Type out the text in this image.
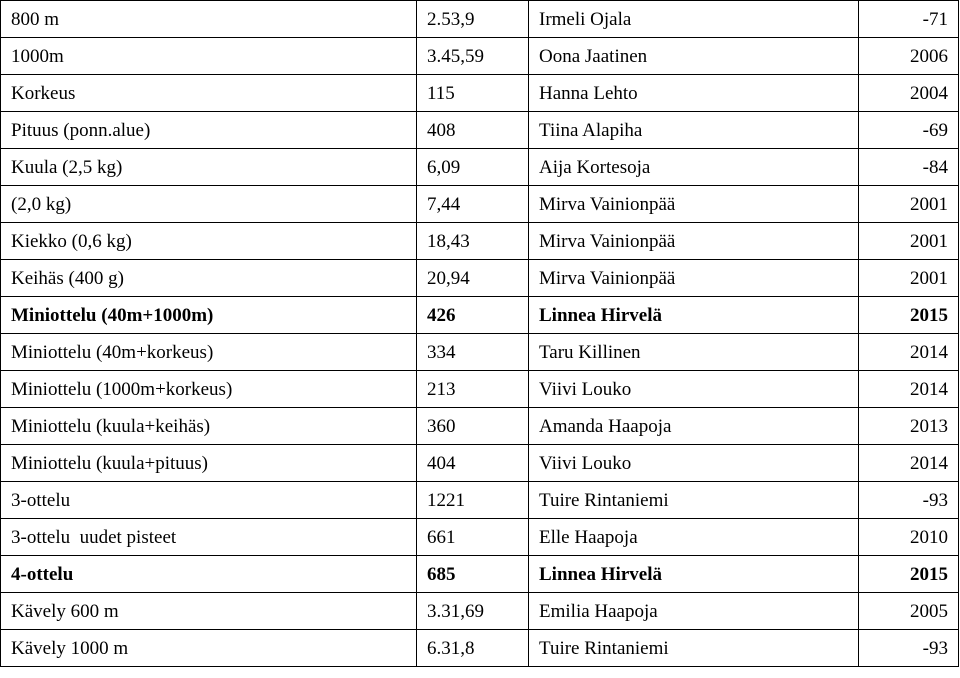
800 m	2.53,9	Irmeli Ojala	-71
1000m	3.45,59	Oona Jaatinen	2006
Korkeus	115	Hanna Lehto	2004
Pituus (ponn.alue)	408	Tiina Alapiha	-69
Kuula (2,5 kg)	6,09	Aija Kortesoja	-84
(2,0 kg)	7,44	Mirva Vainionpää	2001
Kiekko (0,6 kg)	18,43	Mirva Vainionpää	2001
Keihäs (400 g)	20,94	Mirva Vainionpää	2001
Miniottelu (40m+1000m)	426	Linnea Hirvelä	2015
Miniottelu (40m+korkeus)	334	Taru Killinen	2014
Miniottelu (1000m+korkeus)	213	Viivi Louko	2014
Miniottelu (kuula+keihäs)	360	Amanda Haapoja	2013
Miniottelu (kuula+pituus)	404	Viivi Louko	2014
3-ottelu	1221	Tuire Rintaniemi	-93
3-ottelu  uudet pisteet	661	Elle Haapoja	2010
4-ottelu	685	Linnea Hirvelä	2015
Kävely 600 m	3.31,69	Emilia Haapoja	2005
Kävely 1000 m	6.31,8	Tuire Rintaniemi	-93
